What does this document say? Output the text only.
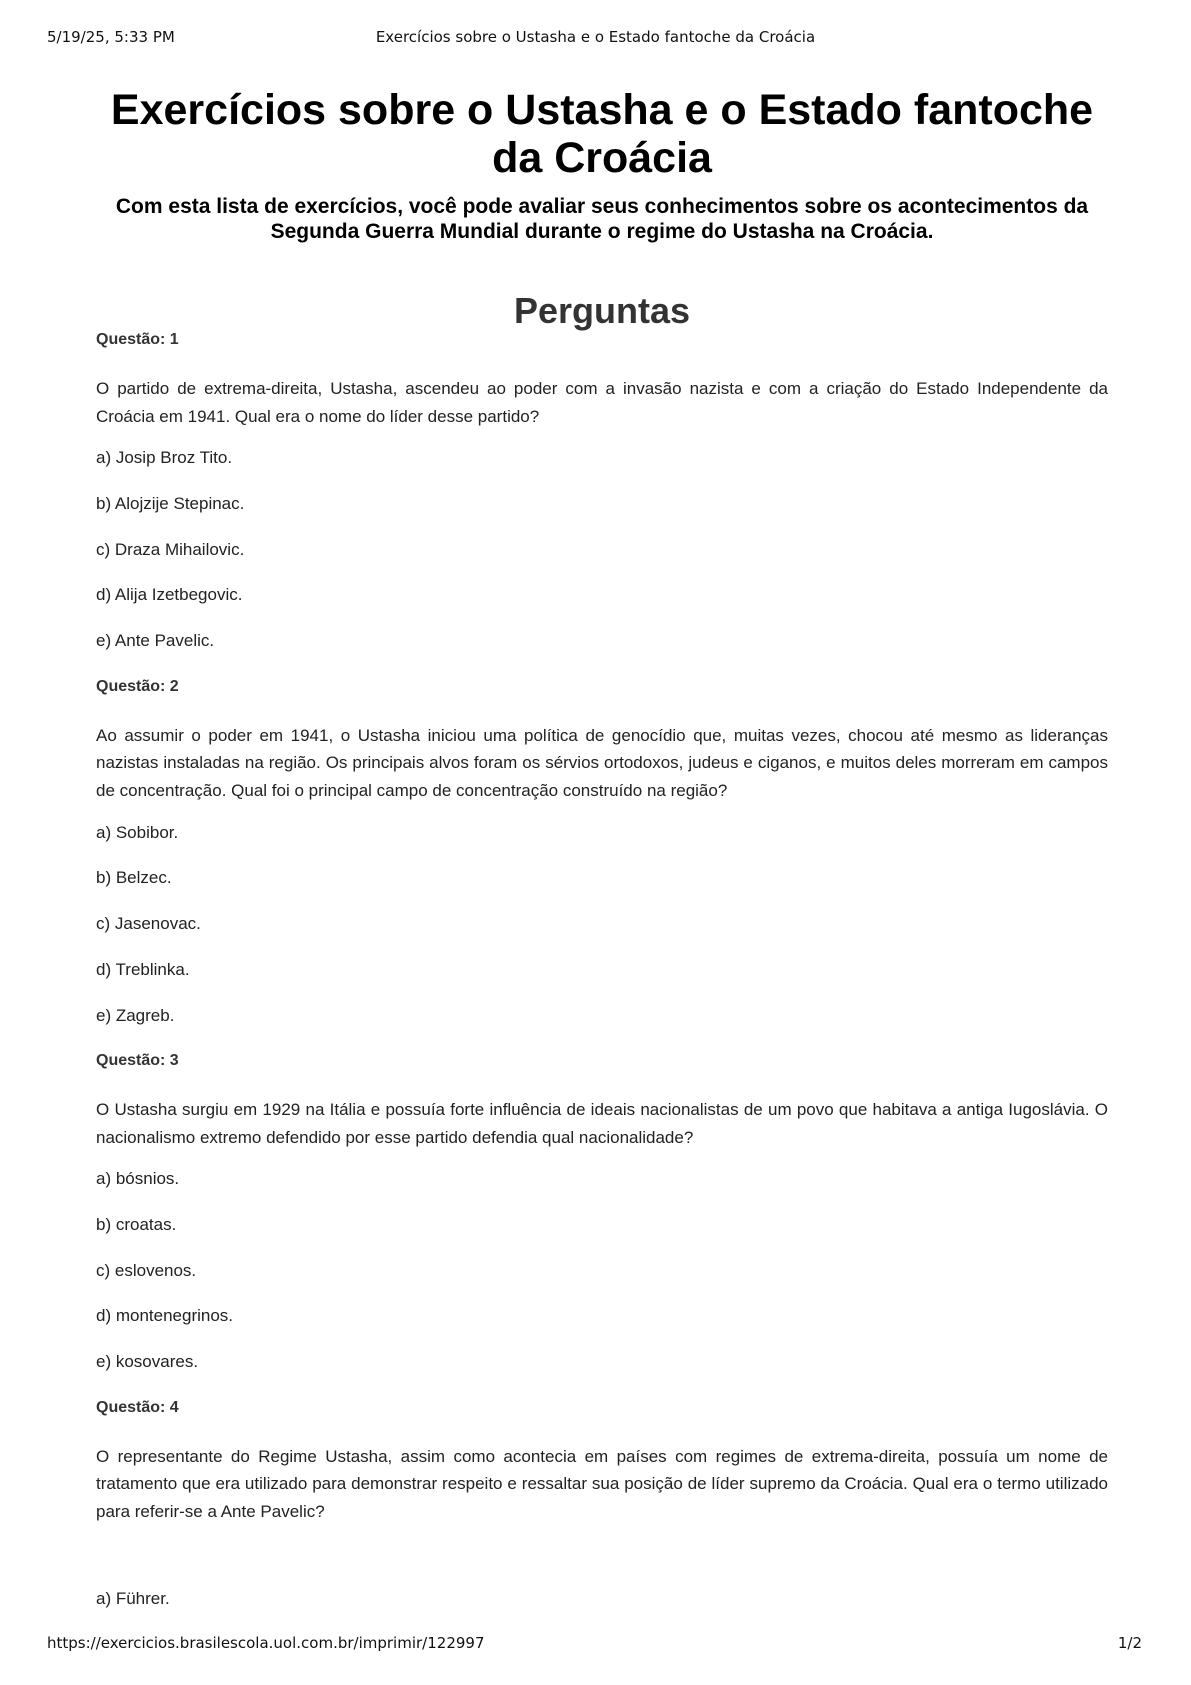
5/19/25, 5:33 PM	Exercícios sobre o Ustasha e o Estado fantoche da Croácia
Exercícios sobre o Ustasha e o Estado fantoche da Croácia
Com esta lista de exercícios, você pode avaliar seus conhecimentos sobre os acontecimentos da Segunda Guerra Mundial durante o regime do Ustasha na Croácia.
Perguntas
Questão: 1

O partido de extrema-direita, Ustasha, ascendeu ao poder com a invasão nazista e com a criação do Estado Independente da Croácia em 1941. Qual era o nome do líder desse partido?

a) Josip Broz Tito.
b) Alojzije Stepinac.
c) Draza Mihailovic.
d) Alija Izetbegovic.
e) Ante Pavelic.
Questão: 2

Ao assumir o poder em 1941, o Ustasha iniciou uma política de genocídio que, muitas vezes, chocou até mesmo as lideranças nazistas instaladas na região. Os principais alvos foram os sérvios ortodoxos, judeus e ciganos, e muitos deles morreram em campos de concentração. Qual foi o principal campo de concentração construído na região?

a) Sobibor.
b) Belzec.
c) Jasenovac.
d) Treblinka.
e) Zagreb.
Questão: 3

O Ustasha surgiu em 1929 na Itália e possuía forte influência de ideais nacionalistas de um povo que habitava a antiga Iugoslávia. O nacionalismo extremo defendido por esse partido defendia qual nacionalidade?

a) bósnios.
b) croatas.
c) eslovenos.
d) montenegrinos.
e) kosovares.
Questão: 4

O representante do Regime Ustasha, assim como acontecia em países com regimes de extrema-direita, possuía um nome de tratamento que era utilizado para demonstrar respeito e ressaltar sua posição de líder supremo da Croácia. Qual era o termo utilizado para referir-se a Ante Pavelic?

a) Führer.
https://exercicios.brasilescola.uol.com.br/imprimir/122997	1/2
